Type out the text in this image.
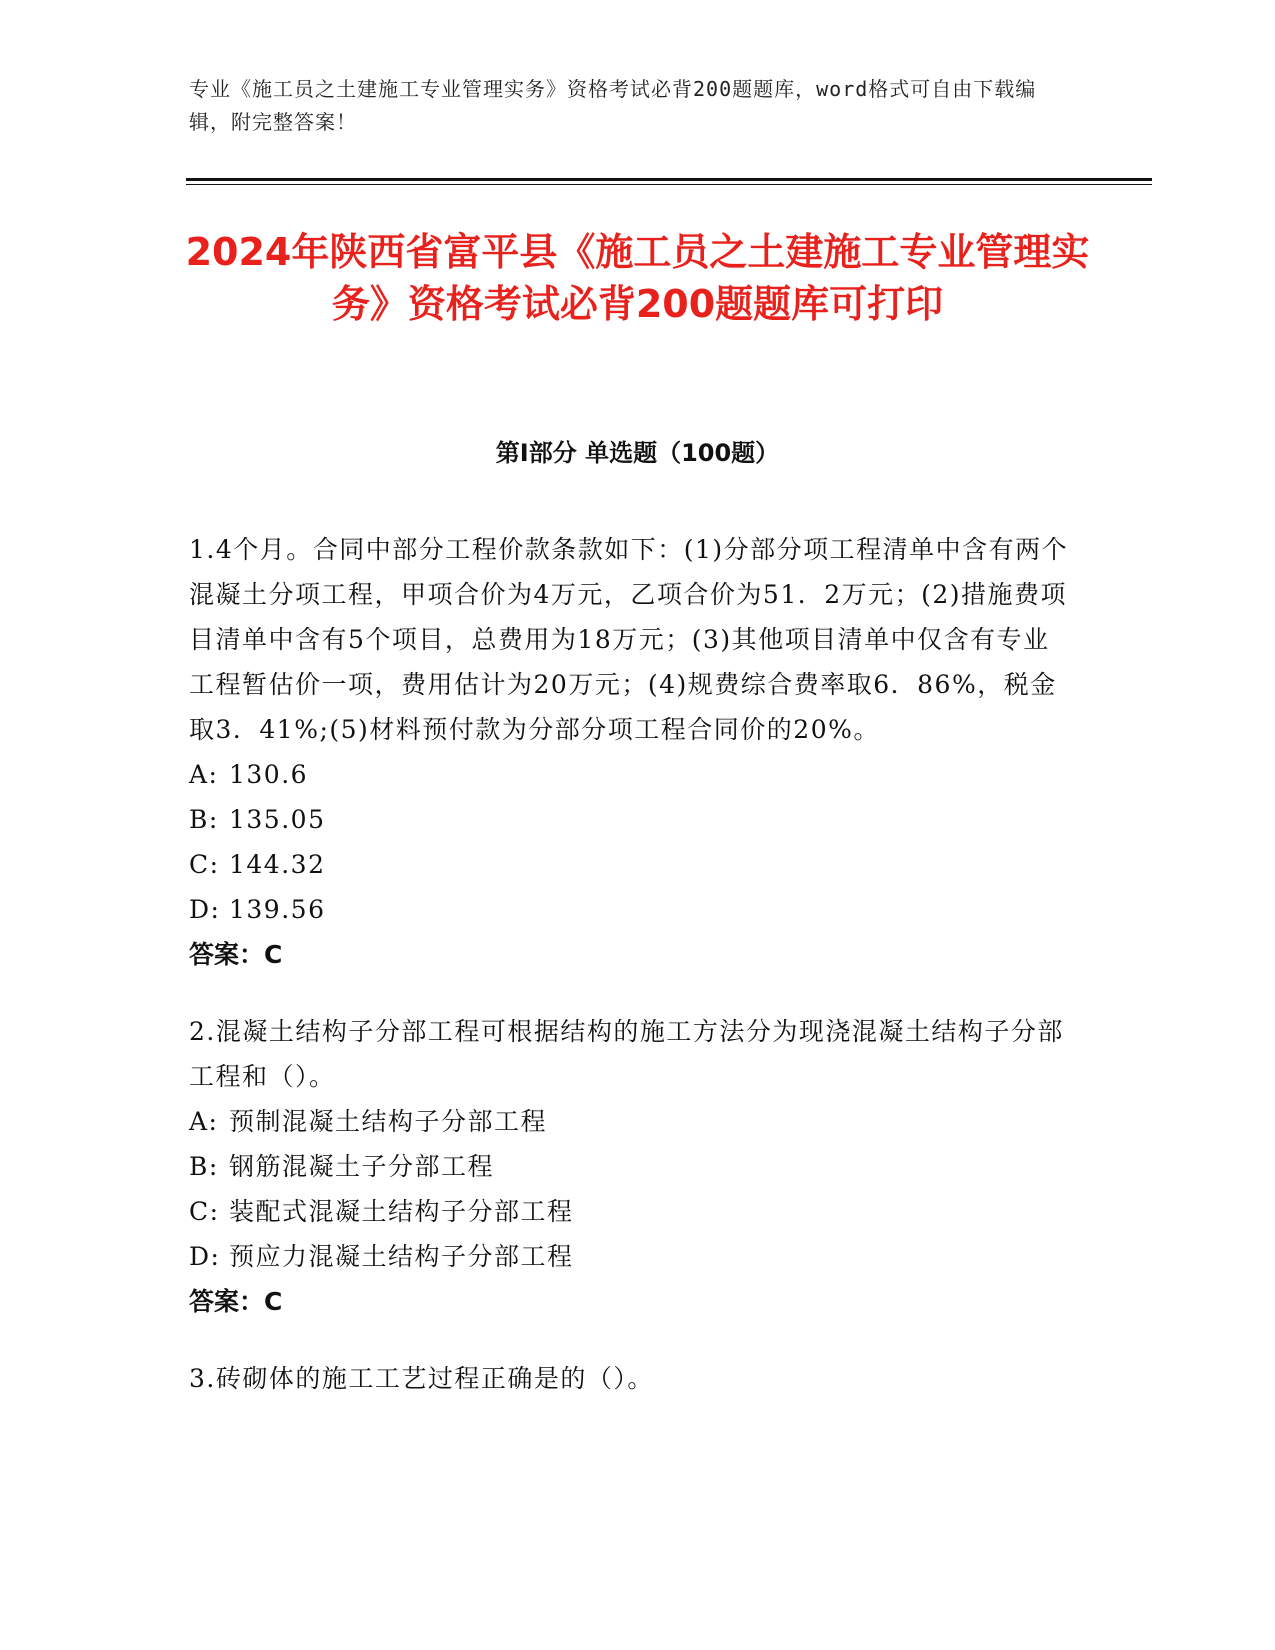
专业《施工员之土建施工专业管理实务》资格考试必背200题题库，word格式可自由下载编辑，附完整答案！
2024年陕西省富平县《施工员之土建施工专业管理实务》资格考试必背200题题库可打印
第I部分 单选题（100题）

1.4个月。合同中部分工程价款条款如下：(1)分部分项工程清单中含有两个混凝土分项工程，甲项合价为4万元，乙项合价为51．2万元；(2)措施费项目清单中含有5个项目，总费用为18万元；(3)其他项目清单中仅含有专业工程暂估价一项，费用估计为20万元；(4)规费综合费率取6．86%，税金取3．41%;(5)材料预付款为分部分项工程合同价的20%。

A: 130.6

B: 135.05

C: 144.32

D: 139.56

答案：C

2.混凝土结构子分部工程可根据结构的施工方法分为现浇混凝土结构子分部工程和（）。

A: 预制混凝土结构子分部工程

B: 钢筋混凝土子分部工程

C: 装配式混凝土结构子分部工程

D: 预应力混凝土结构子分部工程

答案：C

3.砖砌体的施工工艺过程正确是的（）。
